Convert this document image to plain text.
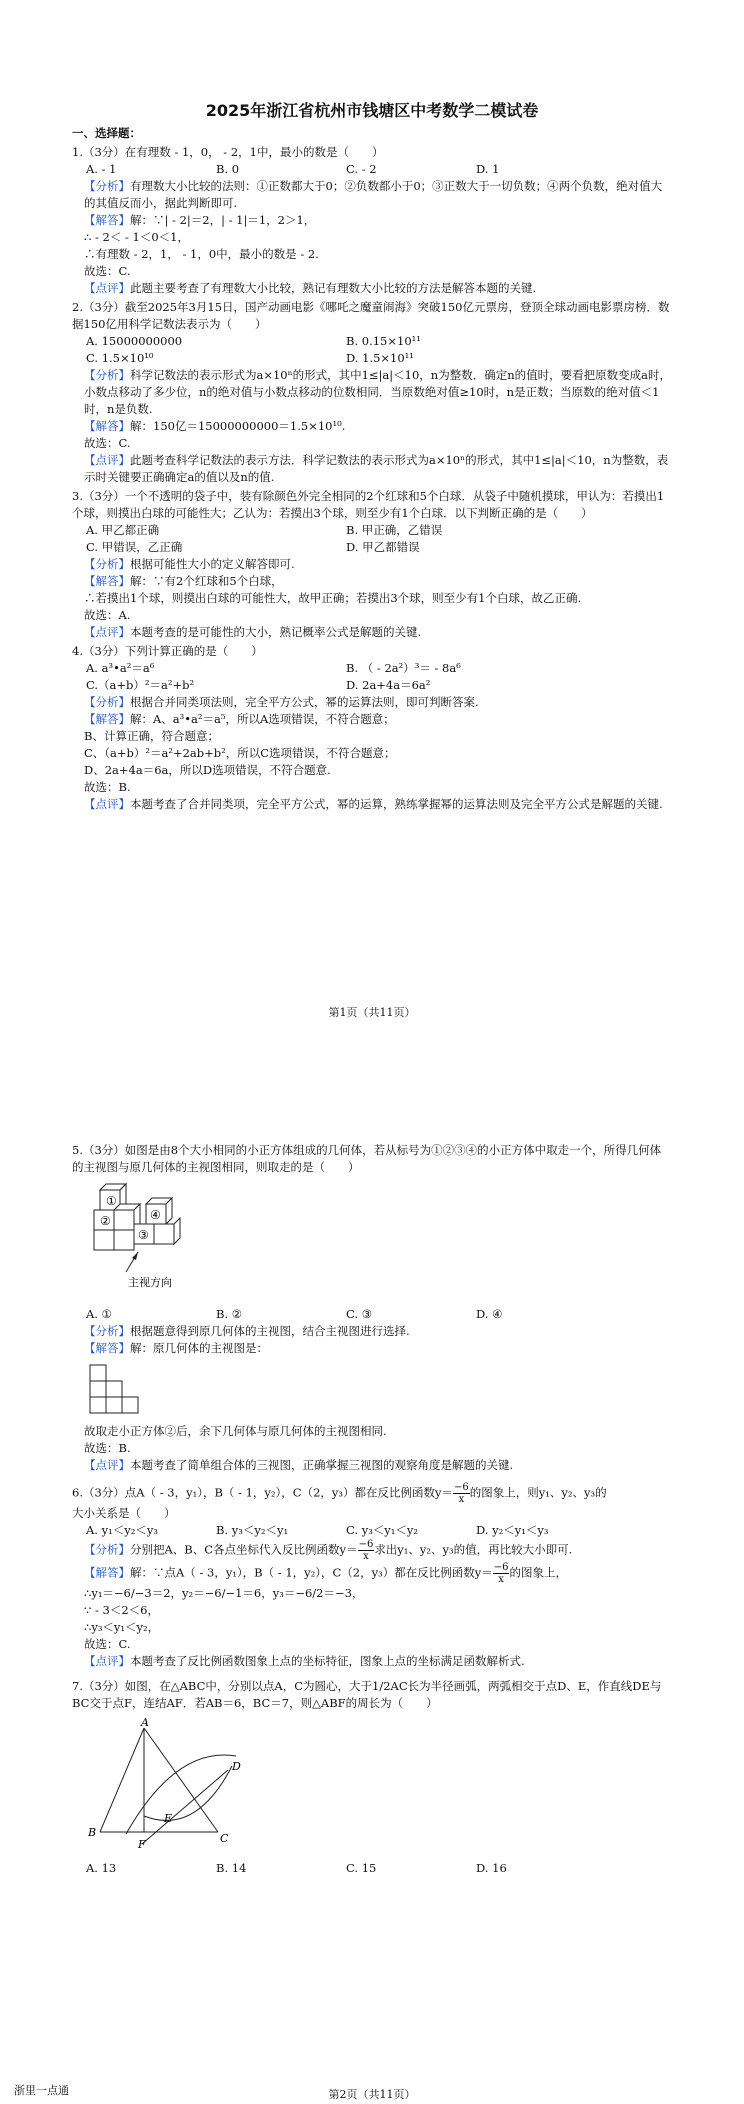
2025年浙江省杭州市钱塘区中考数学二模试卷
一、选择题：
1.（3分）在有理数 - 1，0， - 2，1中，最小的数是（　　）
A. - 1	B. 0	C. - 2	D. 1
【分析】有理数大小比较的法则：①正数都大于0；②负数都小于0；③正数大于一切负数；④两个负数，绝对值大的其值反而小，据此判断即可.
【解答】解：∵| - 2|＝2，| - 1|＝1，2＞1，
∴ - 2＜ - 1＜0＜1，
∴有理数 - 2，1， - 1，0中，最小的数是 - 2.
故选：C.
【点评】此题主要考查了有理数大小比较，熟记有理数大小比较的方法是解答本题的关键.
2.（3分）截至2025年3月15日，国产动画电影《哪吒之魔童闹海》突破150亿元票房，登顶全球动画电影票房榜．数据150亿用科学记数法表示为（　　）
A. 15000000000	B. 0.15×10¹¹
C. 1.5×10¹⁰	D. 1.5×10¹¹
【分析】科学记数法的表示形式为a×10ⁿ的形式，其中1≤|a|＜10，n为整数．确定n的值时，要看把原数变成a时，小数点移动了多少位，n的绝对值与小数点移动的位数相同．当原数绝对值≥10时，n是正数；当原数的绝对值＜1时，n是负数.
【解答】解：150亿＝15000000000＝1.5×10¹⁰.
故选：C.
【点评】此题考查科学记数法的表示方法．科学记数法的表示形式为a×10ⁿ的形式，其中1≤|a|＜10，n为整数，表示时关键要正确确定a的值以及n的值.
3.（3分）一个不透明的袋子中，装有除颜色外完全相同的2个红球和5个白球．从袋子中随机摸球，甲认为：若摸出1个球，则摸出白球的可能性大；乙认为：若摸出3个球，则至少有1个白球．以下判断正确的是（　　）
A. 甲乙都正确	B. 甲正确，乙错误
C. 甲错误，乙正确	D. 甲乙都错误
【分析】根据可能性大小的定义解答即可.
【解答】解：∵有2个红球和5个白球，
∴若摸出1个球，则摸出白球的可能性大，故甲正确；若摸出3个球，则至少有1个白球，故乙正确.
故选：A.
【点评】本题考查的是可能性的大小，熟记概率公式是解题的关键.
4.（3分）下列计算正确的是（　　）
A. a³•a²＝a⁶	B. （ - 2a²）³＝ - 8a⁶
C.（a+b）²＝a²+b²	D. 2a+4a＝6a²
【分析】根据合并同类项法则，完全平方公式，幂的运算法则，即可判断答案.
【解答】解：A、a³•a²＝a⁵，所以A选项错误，不符合题意；
B、计算正确，符合题意；
C、（a+b）²＝a²+2ab+b²，所以C选项错误，不符合题意；
D、2a+4a＝6a，所以D选项错误，不符合题意.
故选：B.
【点评】本题考查了合并同类项，完全平方公式，幂的运算，熟练掌握幂的运算法则及完全平方公式是解题的关键.
第1页（共11页）
5.（3分）如图是由8个大小相同的小正方体组成的几何体，若从标号为①②③④的小正方体中取走一个，所得几何体的主视图与原几何体的主视图相同，则取走的是（　　）
①
②
③
④
主视方向
A. ①	B. ②	C. ③	D. ④
【分析】根据题意得到原几何体的主视图，结合主视图进行选择.
【解答】解：原几何体的主视图是：
故取走小正方体②后，余下几何体与原几何体的主视图相同.
故选：B.
【点评】本题考查了简单组合体的三视图，正确掌握三视图的观察角度是解题的关键.
6.（3分）点A（ - 3，y₁），B（ - 1，y₂），C（2，y₃）都在反比例函数$y= \frac{-6}{x}$ 的图象上，则y₁、y₂、y₃的
大小关系是（　　）
A. y₁＜y₂＜y₃	B. y₃＜y₂＜y₁	C. y₃＜y₁＜y₂	D. y₂＜y₁＜y₃
【分析】分别把A、B、C各点坐标代入反比例函数$y= \frac{-6}{x}$ 求出y₁、y₂、y₃的值，再比较大小即可.
【解答】解：∵点A（ - 3，y₁），B（ - 1，y₂），C（2，y₃）都在反比例函数$y= \frac{-6}{x}$ 的图象上，
∴y₁＝−6/−3＝2，y₂＝−6/−1＝6，y₃＝−6/2＝−3，
∵ - 3＜2＜6，
∴y₃＜y₁＜y₂，
故选：C.
【点评】本题考查了反比例函数图象上点的坐标特征，图象上点的坐标满足函数解析式.
7.（3分）如图，在△ABC中，分别以点A，C为圆心，大于1/2AC长为半径画弧，两弧相交于点D、E，作直线DE与BC交于点F，连结AF．若AB＝6，BC＝7，则△ABF的周长为（　　）
A
B	C
D
E
F
A. 13	B. 14	C. 15	D. 16
第2页（共11页）
浙里一点通
